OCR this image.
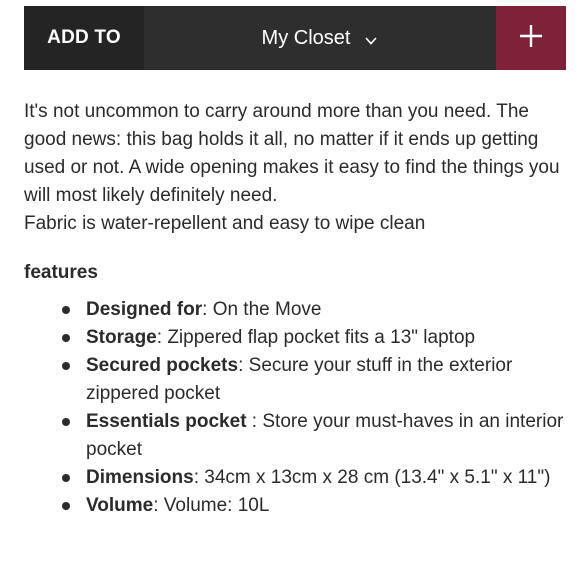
ADD TO	My Closet

It's not uncommon to carry around more than you need. The good news: this bag holds it all, no matter if it ends up getting used or not. A wide opening makes it easy to find the things you will most likely definitely need.

Fabric is water-repellent and easy to wipe clean

features
Designed for: On the Move
Storage: Zippered flap pocket fits a 13" laptop
Secured pockets: Secure your stuff in the exterior zippered pocket
Essentials pocket : Store your must-haves in an interior pocket
Dimensions: 34cm x 13cm x 28 cm (13.4" x 5.1" x 11")
Volume: Volume: 10L
